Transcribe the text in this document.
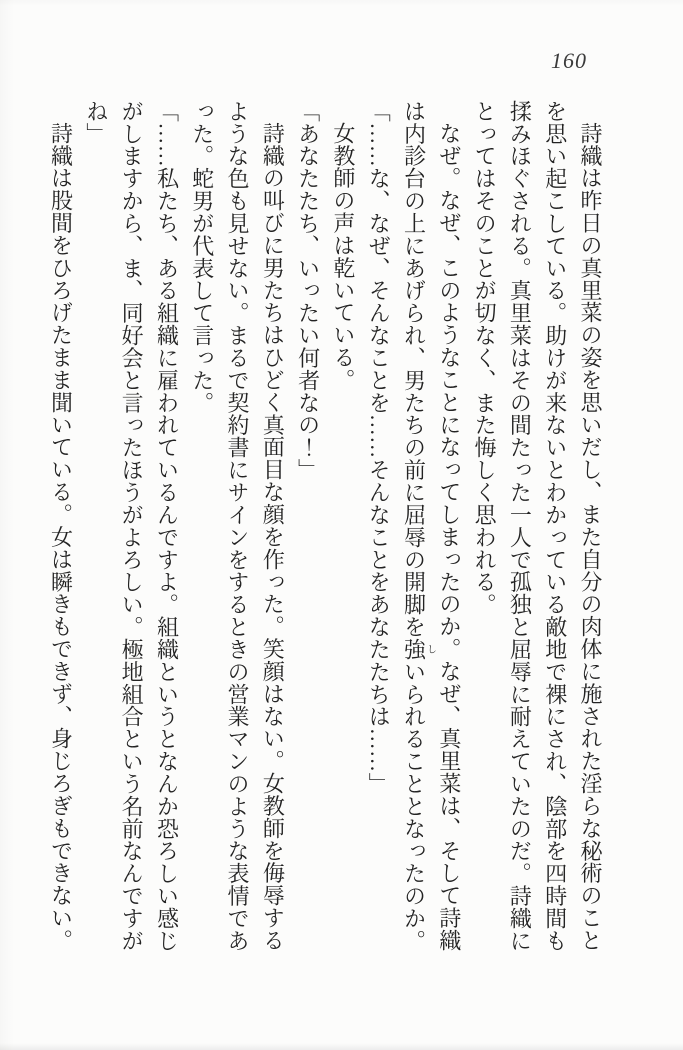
160

詩織は昨日の真里菜の姿を思いだし、また自分の肉体に施された淫らな秘術のことを思い起こしている。助けが来ないとわかっている敵地で裸にされ、陰部を四時間も揉みほぐされる。真里菜はその間たった一人で孤独と屈辱に耐えていたのだ。詩織にとってはそのことが切なく、また悔しく思われる。

なぜ。なぜ、このようなことになってしまったのか。なぜ、真里菜は、そして詩織は内診台の上にあげられ、男たちの前に屈辱の開脚を強しいられることとなったのか。

「……な、なぜ、そんなことを……そんなことをあなたたちは……」

女教師の声は乾いている。

「あなたたち、いったい何者なの！」

詩織の叫びに男たちはひどく真面目な顔を作った。笑顔はない。女教師を侮辱するような色も見せない。まるで契約書にサインをするときの営業マンのような表情であった。蛇男が代表して言った。

「……私たち、ある組織に雇われているんですよ。組織というとなんか恐ろしい感じがしますから、ま、同好会と言ったほうがよろしい。極地組合という名前なんですがね」

詩織は股間をひろげたまま聞いている。女は瞬きもできず、身じろぎもできない。
